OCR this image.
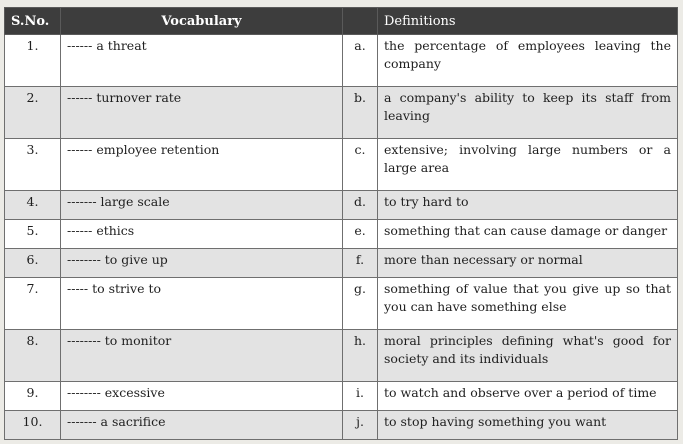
S.No.	Vocabulary		Definitions
1.	------ a threat	a.	the percentage of employees leaving the company
2.	------ turnover rate	b.	a company's ability to keep its staff from leaving
3.	------ employee retention	c.	extensive; involving large numbers or a large area
4.	------- large scale	d.	to try hard to
5.	------ ethics	e.	something that can cause damage or danger
6.	-------- to give up	f.	more than necessary or normal
7.	----- to strive to	g.	something of value that you give up so that you can have something else
8.	-------- to monitor	h.	moral principles defining what's good for society and its individuals
9.	-------- excessive	i.	to watch and observe over a period of time
10.	------- a sacrifice	j.	to stop having something you want
